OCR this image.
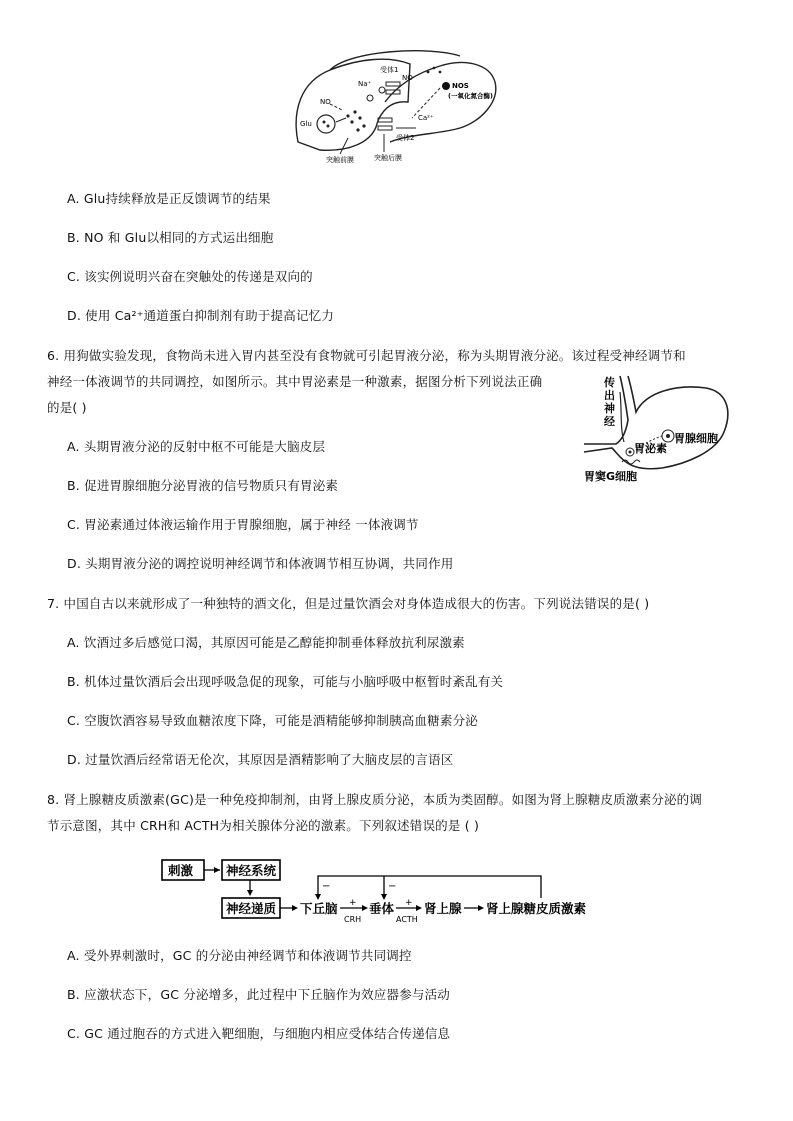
受体1
Na⁺
NO
NOS
(一氧化氮合酶)
NO
Glu
Ca²⁺
受体2
突触前膜	突触后膜
A. Glu持续释放是正反馈调节的结果
B. NO 和 Glu以相同的方式运出细胞
C. 该实例说明兴奋在突触处的传递是双向的
D. 使用 Ca²⁺通道蛋白抑制剂有助于提高记忆力
6. 用狗做实验发现，食物尚未进入胃内甚至没有食物就可引起胃液分泌，称为头期胃液分泌。该过程受神经调节和
神经一体液调节的共同调控，如图所示。其中胃泌素是一种激素，据图分析下列说法正确
的是( )
A. 头期胃液分泌的反射中枢不可能是大脑皮层
B. 促进胃腺细胞分泌胃液的信号物质只有胃泌素
C. 胃泌素通过体液运输作用于胃腺细胞，属于神经 一体液调节
D. 头期胃液分泌的调控说明神经调节和体液调节相互协调，共同作用
传
出
神
经
胃腺细胞
胃泌素
胃窦G细胞
7. 中国自古以来就形成了一种独特的酒文化，但是过量饮酒会对身体造成很大的伤害。下列说法错误的是( )
A. 饮酒过多后感觉口渴，其原因可能是乙醇能抑制垂体释放抗利尿激素
B. 机体过量饮酒后会出现呼吸急促的现象，可能与小脑呼吸中枢暂时紊乱有关
C. 空腹饮酒容易导致血糖浓度下降，可能是酒精能够抑制胰高血糖素分泌
D. 过量饮酒后经常语无伦次，其原因是酒精影响了大脑皮层的言语区
8. 肾上腺糖皮质激素(GC)是一种免疫抑制剂，由肾上腺皮质分泌，本质为类固醇。如图为肾上腺糖皮质激素分泌的调
节示意图，其中 CRH和 ACTH为相关腺体分泌的激素。下列叙述错误的是 ( )
刺激	神经系统
神经递质 下丘脑 +
CRH
垂体 +
ACTH
肾上腺 肾上腺糖皮质激素
−	−
A. 受外界刺激时，GC 的分泌由神经调节和体液调节共同调控
B. 应激状态下，GC 分泌增多，此过程中下丘脑作为效应器参与活动
C. GC 通过胞吞的方式进入靶细胞，与细胞内相应受体结合传递信息
